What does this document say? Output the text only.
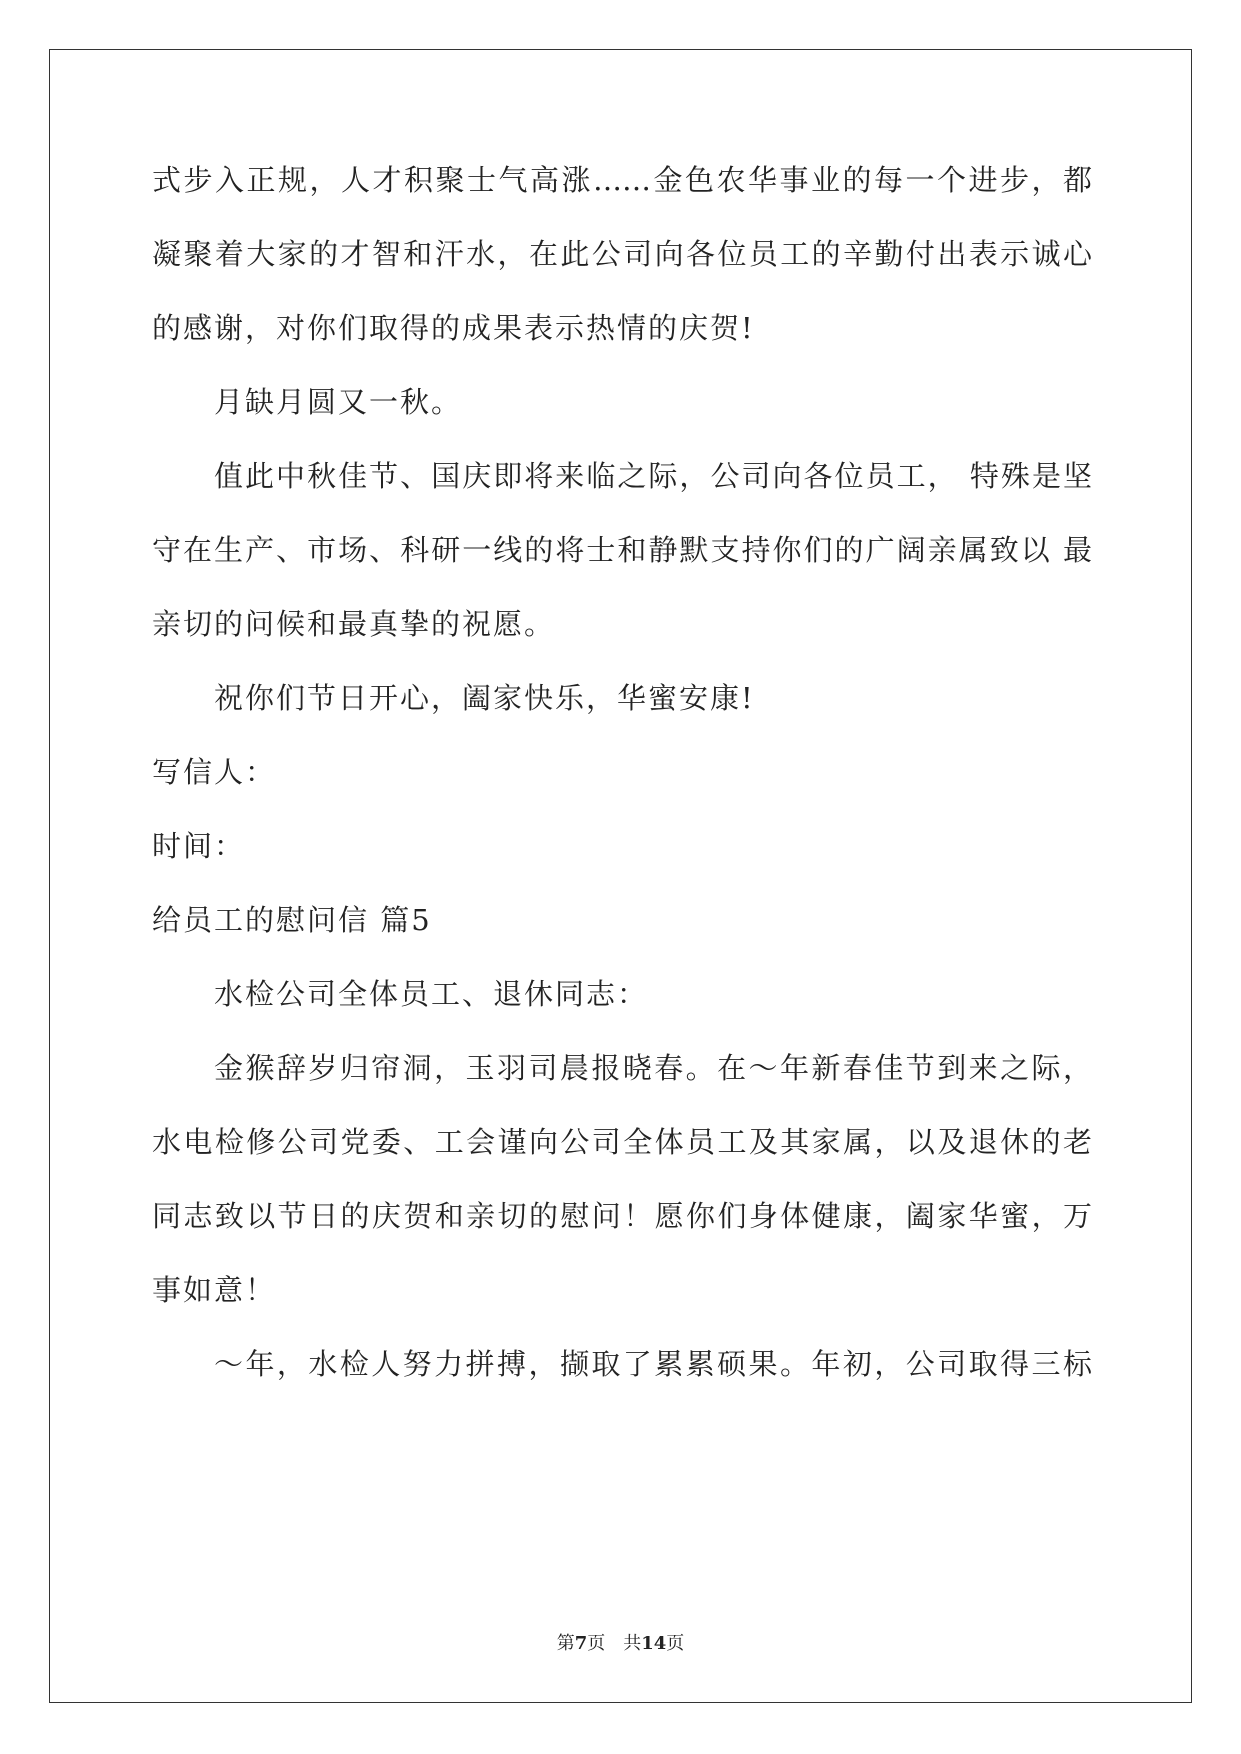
式步入正规，人才积聚士气高涨……金色农华事业的每一个进步，都
凝聚着大家的才智和汗水，在此公司向各位员工的辛勤付出表示诚心
的感谢，对你们取得的成果表示热情的庆贺!
月缺月圆又一秋。
值此中秋佳节、国庆即将来临之际，公司向各位员工， 特殊是坚
守在生产、市场、科研一线的将士和静默支持你们的广阔亲属致以 最
亲切的问候和最真挚的祝愿。
祝你们节日开心，阖家快乐，华蜜安康!
写信人：
时间：
给员工的慰问信 篇5
水检公司全体员工、退休同志：
金猴辞岁归帘洞，玉羽司晨报晓春。在～年新春佳节到来之际，
水电检修公司党委、工会谨向公司全体员工及其家属，以及退休的老
同志致以节日的庆贺和亲切的慰问！愿你们身体健康，阖家华蜜，万
事如意！
～年，水检人努力拼搏，撷取了累累硕果。年初，公司取得三标
第7页　共14页
